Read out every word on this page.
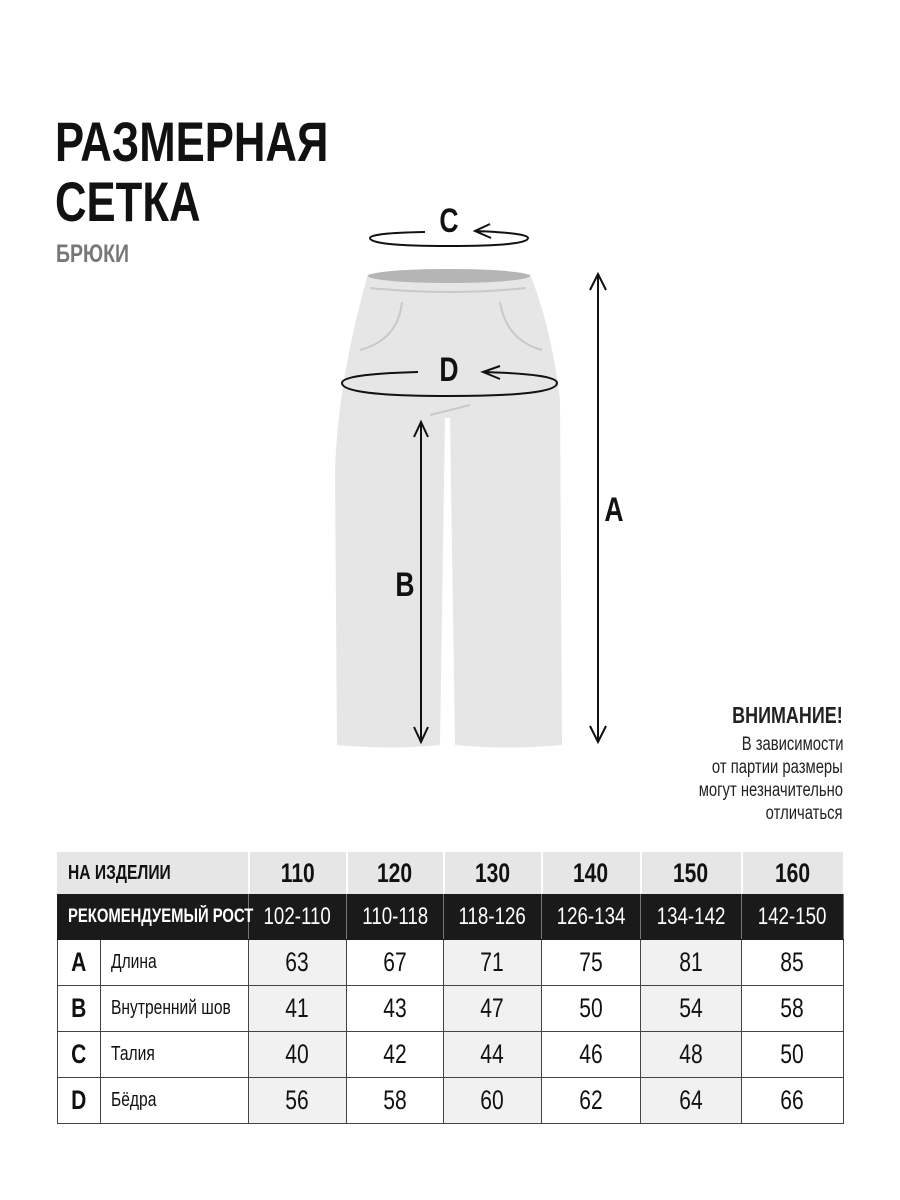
РАЗМЕРНАЯ
СЕТКА
БРЮКИ
C
D
A
B
ВНИМАНИЕ!
В зависимости
от партии размеры
могут незначительно
отличаться
НА ИЗДЕЛИИ		110	120	130	140	150	160
РЕКОМЕНДУЕМЫЙ РОСТ		102-110	110-118	118-126	126-134	134-142	142-150
A	Длина	63	67	71	75	81	85
B	Внутренний шов	41	43	47	50	54	58
C	Талия	40	42	44	46	48	50
D	Бёдра	56	58	60	62	64	66
